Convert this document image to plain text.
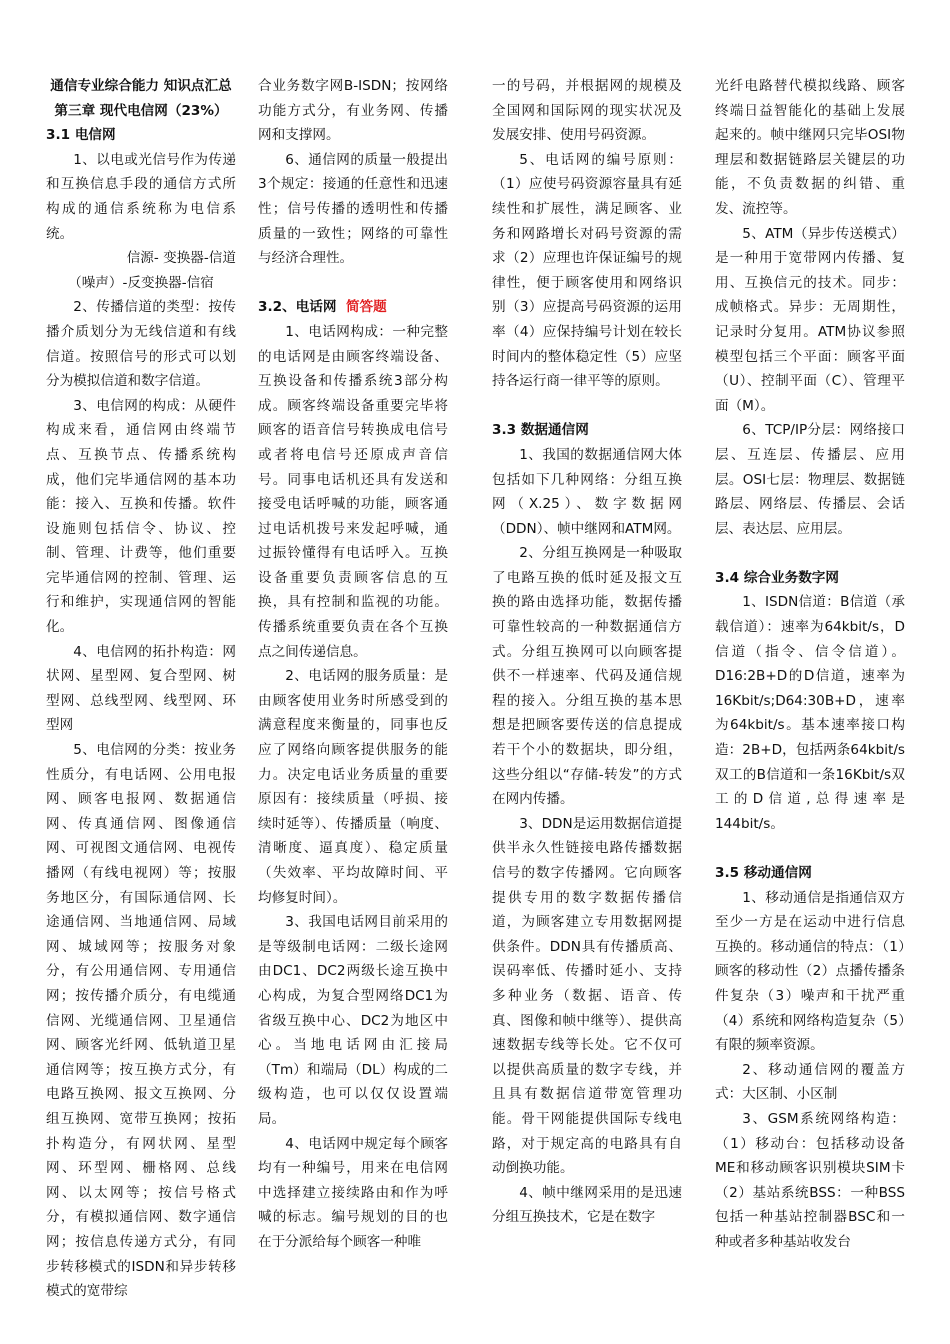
通信专业综合能力 知识点汇总

第三章 现代电信网（23%）

3.1 电信网

1、以电或光信号作为传递和互换信息手段的通信方式所构成的通信系统称为电信系统。

信源- 变换器-信道

（噪声）-反变换器-信宿

2、传播信道的类型：按传播介质划分为无线信道和有线信道。按照信号的形式可以划分为模拟信道和数字信道。

3、电信网的构成：从硬件构成来看，通信网由终端节点、互换节点、传播系统构成，他们完毕通信网的基本功能：接入、互换和传播。软件设施则包括信令、协议、控制、管理、计费等，他们重要完毕通信网的控制、管理、运行和维护，实现通信网的智能化。

4、电信网的拓扑构造：网状网、星型网、复合型网、树型网、总线型网、线型网、环型网

5、电信网的分类：按业务性质分，有电话网、公用电报网、顾客电报网、数据通信网、传真通信网、图像通信网、可视图文通信网、电视传播网（有线电视网）等；按服务地区分，有国际通信网、长途通信网、当地通信网、局域网、城域网等；按服务对象分，有公用通信网、专用通信网；按传播介质分，有电缆通信网、光缆通信网、卫星通信网、顾客光纤网、低轨道卫星通信网等；按互换方式分，有电路互换网、报文互换网、分组互换网、宽带互换网；按拓扑构造分，有网状网、星型网、环型网、栅格网、总线网、以太网等；按信号格式分，有模拟通信网、数字通信网；按信息传递方式分，有同步转移模式的ISDN和异步转移模式的宽带综

合业务数字网B-ISDN；按网络功能方式分，有业务网、传播网和支撑网。

6、通信网的质量一般提出3个规定：接通的任意性和迅速性；信号传播的透明性和传播质量的一致性；网络的可靠性与经济合理性。

3.2、电话网 简答题

1、电话网构成：一种完整的电话网是由顾客终端设备、互换设备和传播系统3部分构成。顾客终端设备重要完毕将顾客的语音信号转换成电信号或者将电信号还原成声音信号。同事电话机还具有发送和接受电话呼喊的功能，顾客通过电话机拨号来发起呼喊，通过振铃懂得有电话呼入。互换设备重要负责顾客信息的互换，具有控制和监视的功能。传播系统重要负责在各个互换点之间传递信息。

2、电话网的服务质量：是由顾客使用业务时所感受到的满意程度来衡量的，同事也反应了网络向顾客提供服务的能力。决定电话业务质量的重要原因有：接续质量（呼损、接续时延等）、传播质量（响度、清晰度、逼真度）、稳定质量（失效率、平均故障时间、平均修复时间）。

3、我国电话网目前采用的是等级制电话网：二级长途网由DC1、DC2两级长途互换中心构成，为复合型网络DC1为省级互换中心、DC2为地区中心。当地电话网由汇接局（Tm）和端局（DL）构成的二级构造，也可以仅仅设置端局。

4、电话网中规定每个顾客均有一种编号，用来在电信网中选择建立接续路由和作为呼喊的标志。编号规划的目的也在于分派给每个顾客一种唯

一的号码，并根据网的规模及全国网和国际网的现实状况及发展安排、使用号码资源。

5、电话网的编号原则：（1）应使号码资源容量具有延续性和扩展性，满足顾客、业务和网路增长对码号资源的需求（2）应理也许保证编号的规律性，便于顾客使用和网络识别（3）应提高号码资源的运用率（4）应保持编号计划在较长时间内的整体稳定性（5）应坚持各运行商一律平等的原则。

3.3 数据通信网

1、我国的数据通信网大体包括如下几种网络：分组互换网（X.25）、数字数据网（DDN）、帧中继网和ATM网。

2、分组互换网是一种吸取了电路互换的低时延及报文互换的路由选择功能，数据传播可靠性较高的一种数据通信方式。分组互换网可以向顾客提供不一样速率、代码及通信规程的接入。分组互换的基本思想是把顾客要传送的信息提成若干个小的数据块，即分组，这些分组以“存储-转发”的方式在网内传播。

3、DDN是运用数据信道提供半永久性链接电路传播数据信号的数字传播网。它向顾客提供专用的数字数据传播信道，为顾客建立专用数据网提供条件。DDN具有传播质高、误码率低、传播时延小、支持多种业务（数据、语音、传真、图像和帧中继等）、提供高速数据专线等长处。它不仅可以提供高质量的数字专线，并且具有数据信道带宽管理功能。骨干网能提供国际专线电路，对于规定高的电路具有自动倒换功能。

4、帧中继网采用的是迅速分组互换技术，它是在数字

光纤电路替代模拟线路、顾客终端日益智能化的基础上发展起来的。帧中继网只完毕OSI物理层和数据链路层关键层的功能，不负责数据的纠错、重发、流控等。

5、ATM（异步传送模式）是一种用于宽带网内传播、复用、互换信元的技术。同步：成帧格式。异步：无周期性，记录时分复用。ATM协议参照模型包括三个平面：顾客平面（U）、控制平面（C）、管理平面（M）。

6、TCP/IP分层：网络接口层、互连层、传播层、应用层。OSI七层：物理层、数据链路层、网络层、传播层、会话层、表达层、应用层。

3.4 综合业务数字网

1、ISDN信道：B信道（承载信道）：速率为64kbit/s，D信道（指令、信令信道）。D16:2B+D的D信道，速率为16Kbit/s;D64:30B+D，速率为64kbit/s。基本速率接口构造：2B+D，包括两条64kbit/s双工的B信道和一条16Kbit/s双工的D信道,总得速率是144bit/s。

3.5 移动通信网

1、移动通信是指通信双方至少一方是在运动中进行信息互换的。移动通信的特点：（1）顾客的移动性（2）点播传播条件复杂（3）噪声和干扰严重（4）系统和网络构造复杂（5）有限的频率资源。

2、移动通信网的覆盖方式：大区制、小区制

3、GSM系统网络构造：（1）移动台：包括移动设备ME和移动顾客识别模块SIM卡（2）基站系统BSS：一种BSS包括一种基站控制器BSC和一种或者多种基站收发台
